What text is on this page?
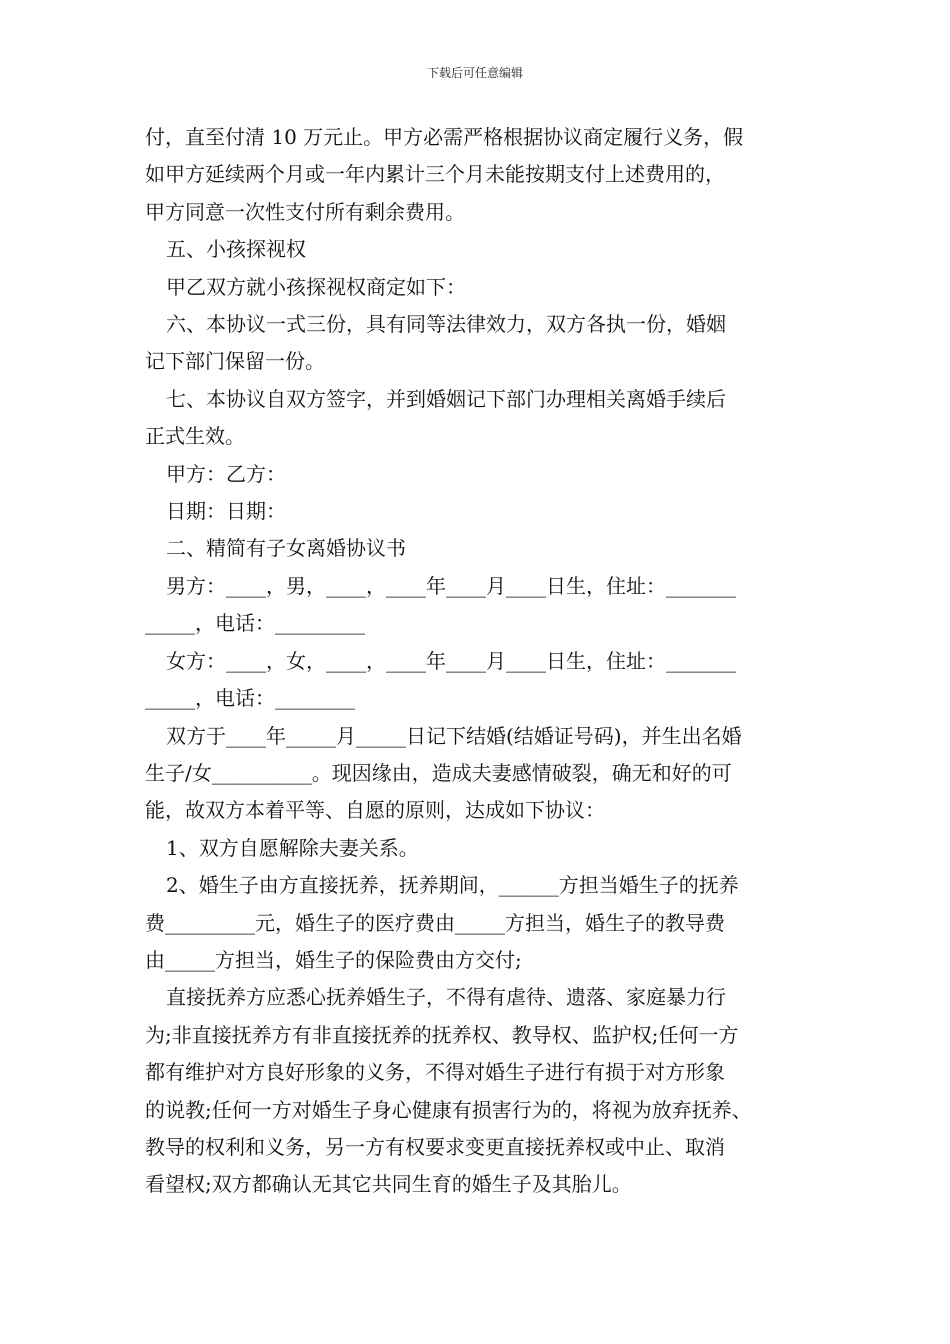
下载后可任意编辑

付，直至付清 10 万元止。甲方必需严格根据协议商定履行义务，假

如甲方延续两个月或一年内累计三个月未能按期支付上述费用的，

甲方同意一次性支付所有剩余费用。

五、小孩探视权

甲乙双方就小孩探视权商定如下：

六、本协议一式三份，具有同等法律效力，双方各执一份，婚姻

记下部门保留一份。

七、本协议自双方签字，并到婚姻记下部门办理相关离婚手续后

正式生效。

甲方：乙方：

日期：日期：

二、精简有子女离婚协议书

男方：____，男，____，____年____月____日生，住址：_______

_____，电话：_________

女方：____，女，____，____年____月____日生，住址：_______

_____，电话：________

双方于____年_____月_____日记下结婚(结婚证号码)，并生出名婚

生子/女__________。现因缘由，造成夫妻感情破裂，确无和好的可

能，故双方本着平等、自愿的原则，达成如下协议：

1、双方自愿解除夫妻关系。

2、婚生子由方直接抚养，抚养期间，______方担当婚生子的抚养

费_________元，婚生子的医疗费由_____方担当，婚生子的教导费

由_____方担当，婚生子的保险费由方交付;

直接抚养方应悉心抚养婚生子，不得有虐待、遗落、家庭暴力行

为;非直接抚养方有非直接抚养的抚养权、教导权、监护权;任何一方

都有维护对方良好形象的义务，不得对婚生子进行有损于对方形象

的说教;任何一方对婚生子身心健康有损害行为的，将视为放弃抚养、

教导的权利和义务，另一方有权要求变更直接抚养权或中止、取消

看望权;双方都确认无其它共同生育的婚生子及其胎儿。
